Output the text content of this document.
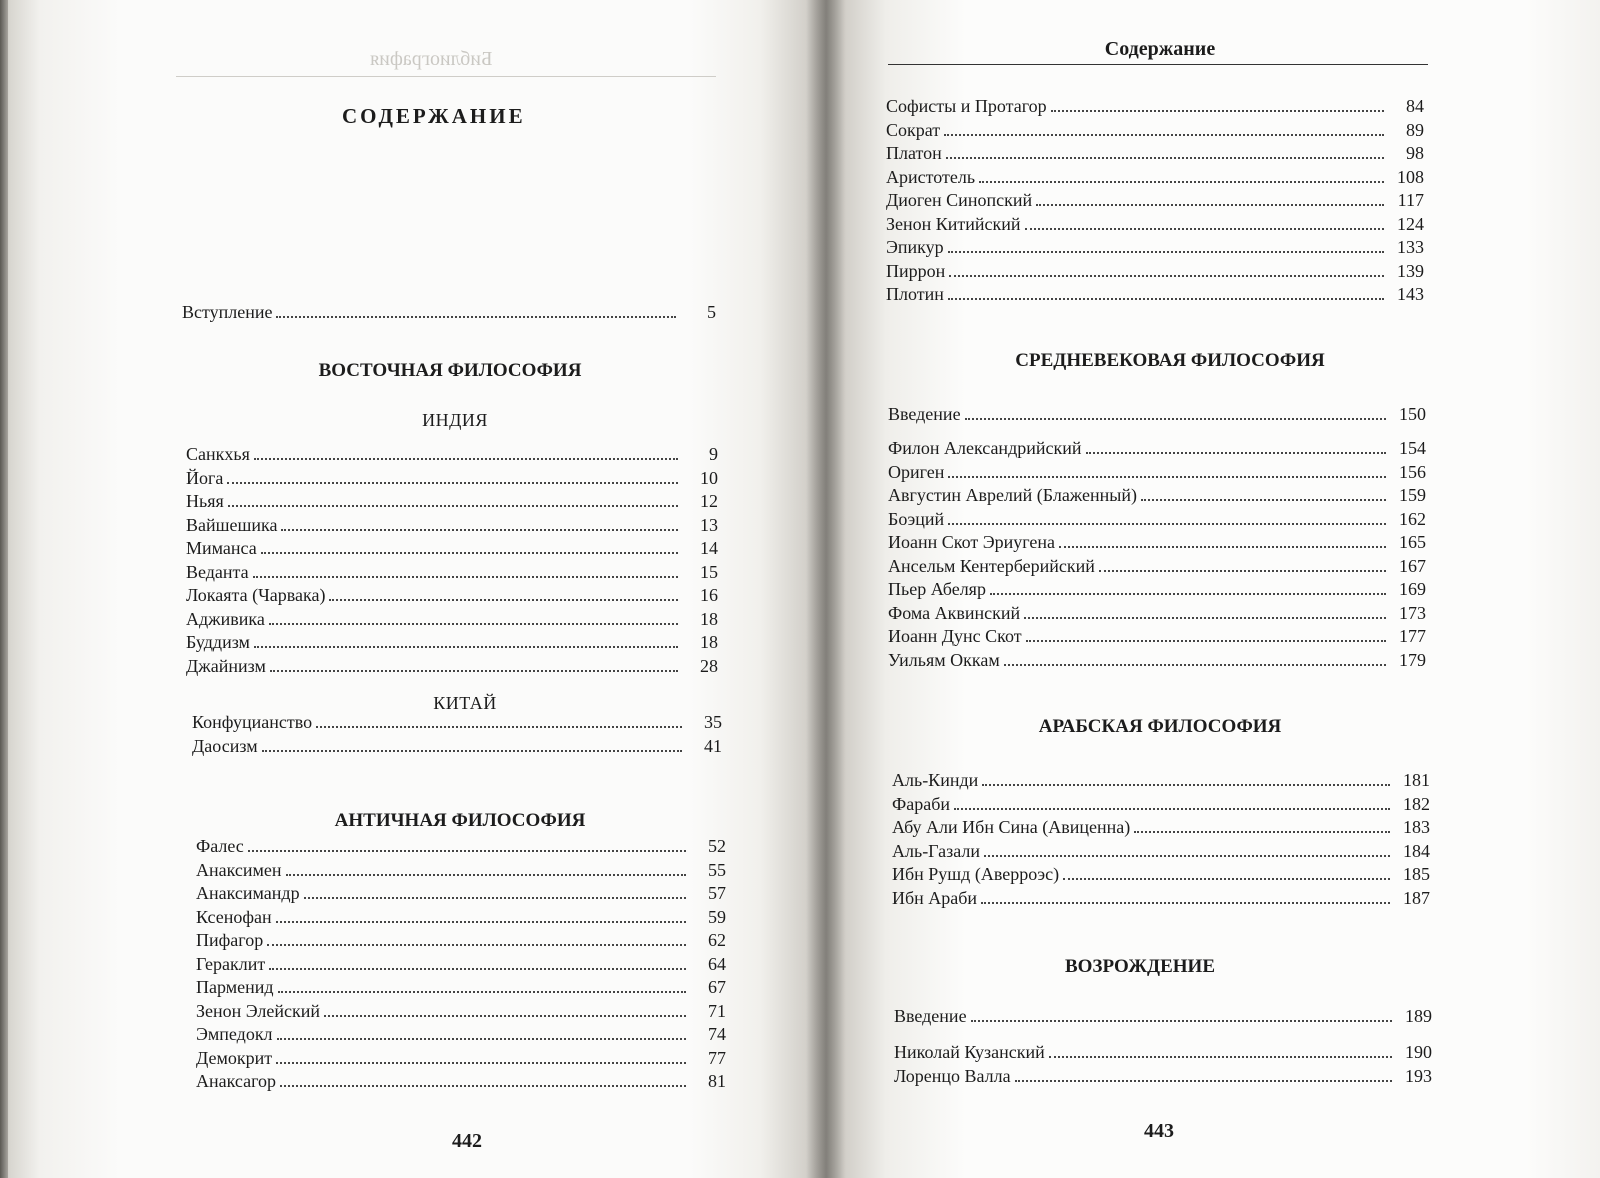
Библиография
СОДЕРЖАНИЕ
Вступление	5
ВОСТОЧНАЯ ФИЛОСОФИЯ
ИНДИЯ
Санкхья	9
Йога	10
Ньяя	12
Вайшешика	13
Миманса	14
Веданта	15
Локаята (Чарвака)	16
Адживика	18
Буддизм	18
Джайнизм	28
КИТАЙ
Конфуцианство	35
Даосизм	41
АНТИЧНАЯ ФИЛОСОФИЯ
Фалес	52
Анаксимен	55
Анаксимандр	57
Ксенофан	59
Пифагор	62
Гераклит	64
Парменид	67
Зенон Элейский	71
Эмпедокл	74
Демокрит	77
Анаксагор	81
442
Содержание
Софисты и Протагор	84
Сократ	89
Платон	98
Аристотель	108
Диоген Синопский	117
Зенон Китийский	124
Эпикур	133
Пиррон	139
Плотин	143
СРЕДНЕВЕКОВАЯ ФИЛОСОФИЯ
Введение	150
Филон Александрийский	154
Ориген	156
Августин Аврелий (Блаженный)	159
Боэций	162
Иоанн Скот Эриугена	165
Ансельм Кентерберийский	167
Пьер Абеляр	169
Фома Аквинский	173
Иоанн Дунс Скот	177
Уильям Оккам	179
АРАБСКАЯ ФИЛОСОФИЯ
Аль-Кинди	181
Фараби	182
Абу Али Ибн Сина (Авиценна)	183
Аль-Газали	184
Ибн Рушд (Аверроэс)	185
Ибн Араби	187
ВОЗРОЖДЕНИЕ
Введение	189
Николай Кузанский	190
Лоренцо Валла	193
443
